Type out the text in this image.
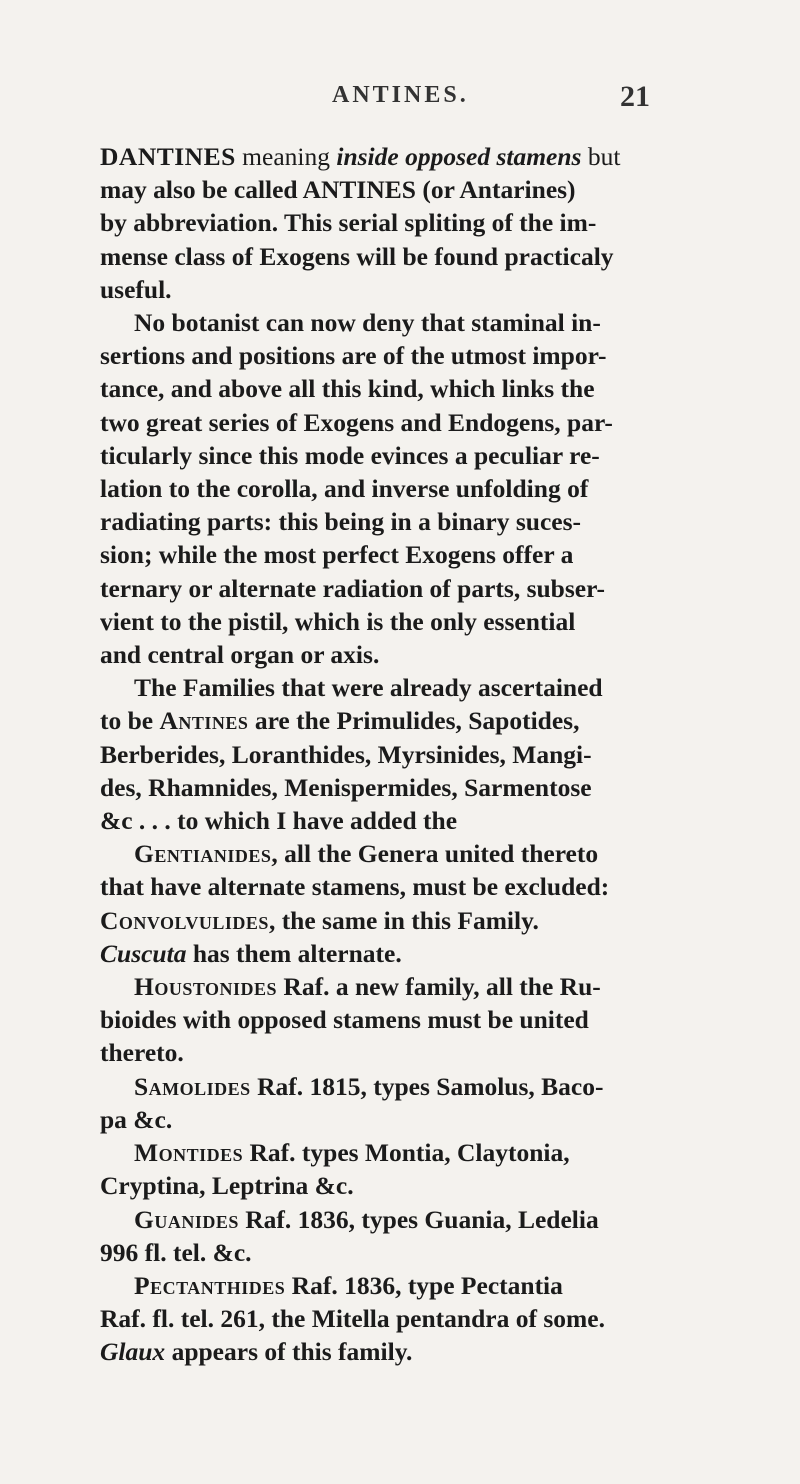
ANTINES.	21
DANTINES meaning inside opposed stamens but
may also be called ANTINES (or Antarines)
by abbreviation. This serial spliting of the im-
mense class of Exogens will be found practicaly
useful.
No botanist can now deny that staminal in-
sertions and positions are of the utmost impor-
tance, and above all this kind, which links the
two great series of Exogens and Endogens, par-
ticularly since this mode evinces a peculiar re-
lation to the corolla, and inverse unfolding of
radiating parts: this being in a binary suces-
sion; while the most perfect Exogens offer a
ternary or alternate radiation of parts, subser-
vient to the pistil, which is the only essential
and central organ or axis.
The Families that were already ascertained
to be Antines are the Primulides, Sapotides,
Berberides, Loranthides, Myrsinides, Mangi-
des, Rhamnides, Menispermides, Sarmentose
&c . . . to which I have added the
Gentianides, all the Genera united thereto
that have alternate stamens, must be excluded:
Convolvulides, the same in this Family.
Cuscuta has them alternate.
Houstonides Raf. a new family, all the Ru-
bioides with opposed stamens must be united
thereto.
Samolides Raf. 1815, types Samolus, Baco-
pa &c.
Montides Raf. types Montia, Claytonia,
Cryptina, Leptrina &c.
Guanides Raf. 1836, types Guania, Ledelia
996 fl. tel. &c.
Pectanthides Raf. 1836, type Pectantia
Raf. fl. tel. 261, the Mitella pentandra of some.
Glaux appears of this family.
